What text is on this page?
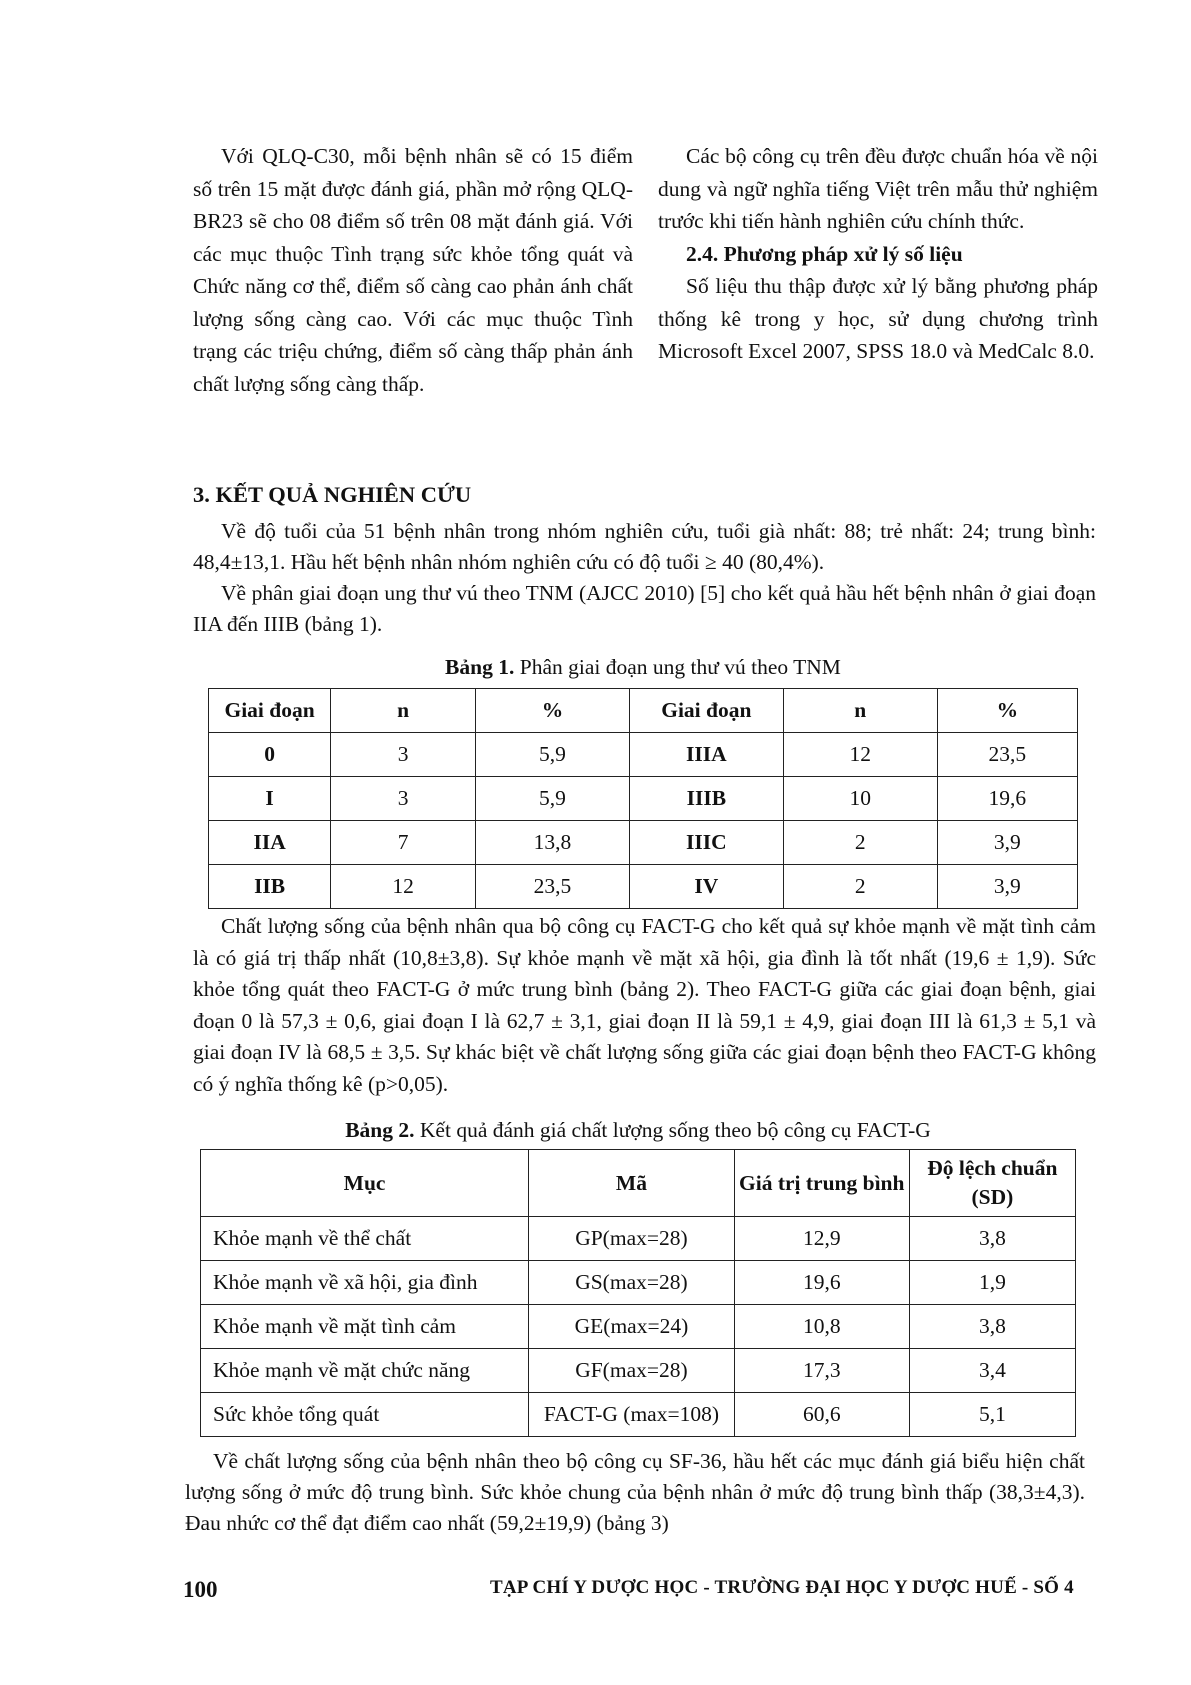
Với QLQ-C30, mỗi bệnh nhân sẽ có 15 điểm số trên 15 mặt được đánh giá, phần mở rộng QLQ-BR23 sẽ cho 08 điểm số trên 08 mặt đánh giá. Với các mục thuộc Tình trạng sức khỏe tổng quát và Chức năng cơ thể, điểm số càng cao phản ánh chất lượng sống càng cao. Với các mục thuộc Tình trạng các triệu chứng, điểm số càng thấp phản ánh chất lượng sống càng thấp.

Các bộ công cụ trên đều được chuẩn hóa về nội dung và ngữ nghĩa tiếng Việt trên mẫu thử nghiệm trước khi tiến hành nghiên cứu chính thức.

2.4. Phương pháp xử lý số liệu

Số liệu thu thập được xử lý bằng phương pháp thống kê trong y học, sử dụng chương trình Microsoft Excel 2007, SPSS 18.0 và MedCalc 8.0.

3. KẾT QUẢ NGHIÊN CỨU

Về độ tuổi của 51 bệnh nhân trong nhóm nghiên cứu, tuổi già nhất: 88; trẻ nhất: 24; trung bình: 48,4±13,1. Hầu hết bệnh nhân nhóm nghiên cứu có độ tuổi ≥ 40 (80,4%).

Về phân giai đoạn ung thư vú theo TNM (AJCC 2010) [5] cho kết quả hầu hết bệnh nhân ở giai đoạn IIA đến IIIB (bảng 1).

Bảng 1. Phân giai đoạn ung thư vú theo TNM
Giai đoạn	n	%	Giai đoạn	n	%
0	3	5,9	IIIA	12	23,5
I	3	5,9	IIIB	10	19,6
IIA	7	13,8	IIIC	2	3,9
IIB	12	23,5	IV	2	3,9

Chất lượng sống của bệnh nhân qua bộ công cụ FACT-G cho kết quả sự khỏe mạnh về mặt tình cảm là có giá trị thấp nhất (10,8±3,8). Sự khỏe mạnh về mặt xã hội, gia đình là tốt nhất (19,6 ± 1,9). Sức khỏe tổng quát theo FACT-G ở mức trung bình (bảng 2). Theo FACT-G giữa các giai đoạn bệnh, giai đoạn 0 là 57,3 ± 0,6, giai đoạn I là 62,7 ± 3,1, giai đoạn II là 59,1 ± 4,9, giai đoạn III là 61,3 ± 5,1 và giai đoạn IV là 68,5 ± 3,5. Sự khác biệt về chất lượng sống giữa các giai đoạn bệnh theo FACT-G không có ý nghĩa thống kê (p>0,05).

Bảng 2. Kết quả đánh giá chất lượng sống theo bộ công cụ FACT-G
Mục	Mã	Giá trị trung bình	Độ lệch chuẩn (SD)
Khỏe mạnh về thể chất	GP(max=28)	12,9	3,8
Khỏe mạnh về xã hội, gia đình	GS(max=28)	19,6	1,9
Khỏe mạnh về mặt tình cảm	GE(max=24)	10,8	3,8
Khỏe mạnh về mặt chức năng	GF(max=28)	17,3	3,4
Sức khỏe tổng quát	FACT-G (max=108)	60,6	5,1

Về chất lượng sống của bệnh nhân theo bộ công cụ SF-36, hầu hết các mục đánh giá biểu hiện chất lượng sống ở mức độ trung bình. Sức khỏe chung của bệnh nhân ở mức độ trung bình thấp (38,3±4,3). Đau nhức cơ thể đạt điểm cao nhất (59,2±19,9) (bảng 3)

100	TẠP CHÍ Y DƯỢC HỌC - TRƯỜNG ĐẠI HỌC Y DƯỢC HUẾ - SỐ 4
